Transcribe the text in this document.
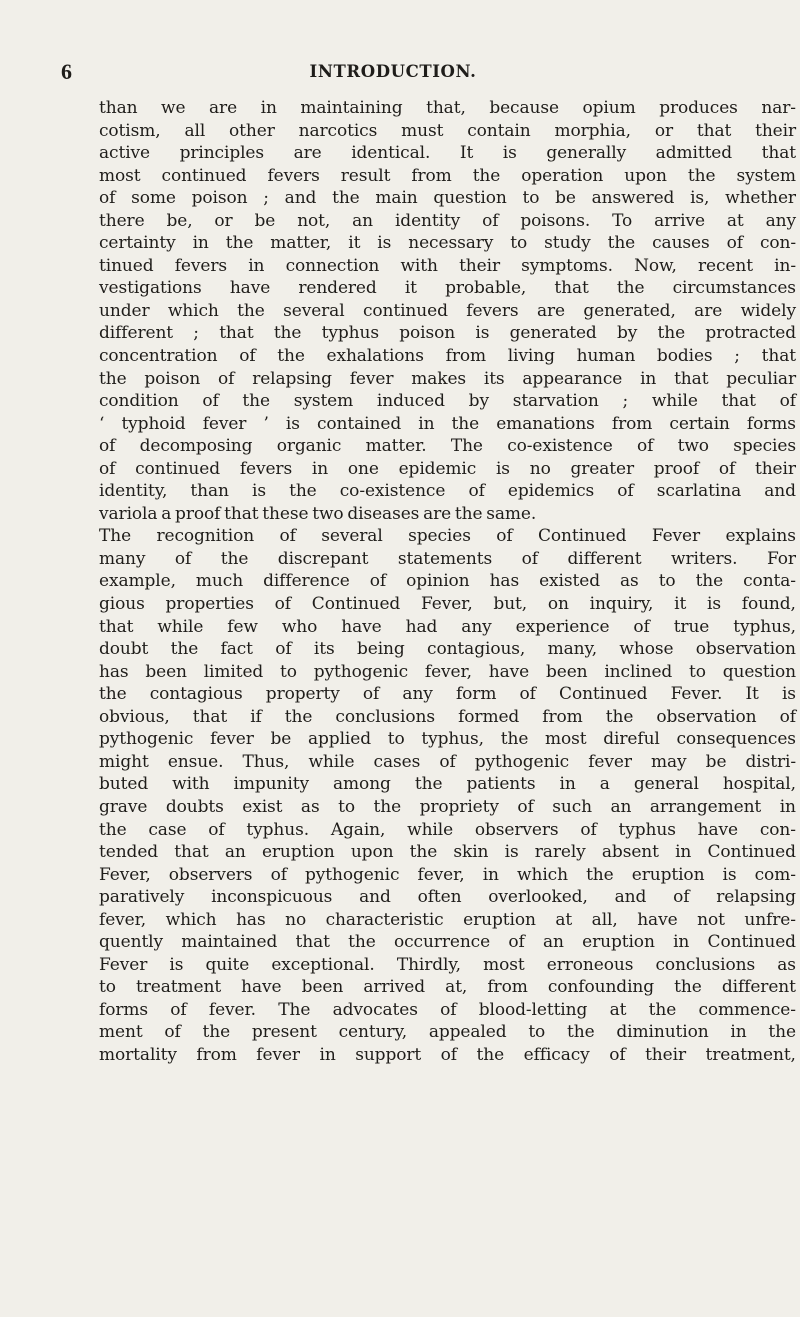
6	INTRODUCTION.
than we are in maintaining that, because opium produces nar-
cotism, all other narcotics must contain morphia, or that their
active principles are identical. It is generally admitted that
most continued fevers result from the operation upon the system
of some poison ; and the main question to be answered is, whether
there be, or be not, an identity of poisons. To arrive at any
certainty in the matter, it is necessary to study the causes of con-
tinued fevers in connection with their symptoms. Now, recent in-
vestigations have rendered it probable, that the circumstances
under which the several continued fevers are generated, are widely
different ; that the typhus poison is generated by the protracted
concentration of the exhalations from living human bodies ; that
the poison of relapsing fever makes its appearance in that peculiar
condition of the system induced by starvation ; while that of
‘ typhoid fever ’ is contained in the emanations from certain forms
of decomposing organic matter. The co-existence of two species
of continued fevers in one epidemic is no greater proof of their
identity, than is the co-existence of epidemics of scarlatina and
variola a proof that these two diseases are the same.
The recognition of several species of Continued Fever explains
many of the discrepant statements of different writers. For
example, much difference of opinion has existed as to the conta-
gious properties of Continued Fever, but, on inquiry, it is found,
that while few who have had any experience of true typhus,
doubt the fact of its being contagious, many, whose observation
has been limited to pythogenic fever, have been inclined to question
the contagious property of any form of Continued Fever. It is
obvious, that if the conclusions formed from the observation of
pythogenic fever be applied to typhus, the most direful consequences
might ensue. Thus, while cases of pythogenic fever may be distri-
buted with impunity among the patients in a general hospital,
grave doubts exist as to the propriety of such an arrangement in
the case of typhus. Again, while observers of typhus have con-
tended that an eruption upon the skin is rarely absent in Continued
Fever, observers of pythogenic fever, in which the eruption is com-
paratively inconspicuous and often overlooked, and of relapsing
fever, which has no characteristic eruption at all, have not unfre-
quently maintained that the occurrence of an eruption in Continued
Fever is quite exceptional. Thirdly, most erroneous conclusions as
to treatment have been arrived at, from confounding the different
forms of fever. The advocates of blood-letting at the commence-
ment of the present century, appealed to the diminution in the
mortality from fever in support of the efficacy of their treatment,
